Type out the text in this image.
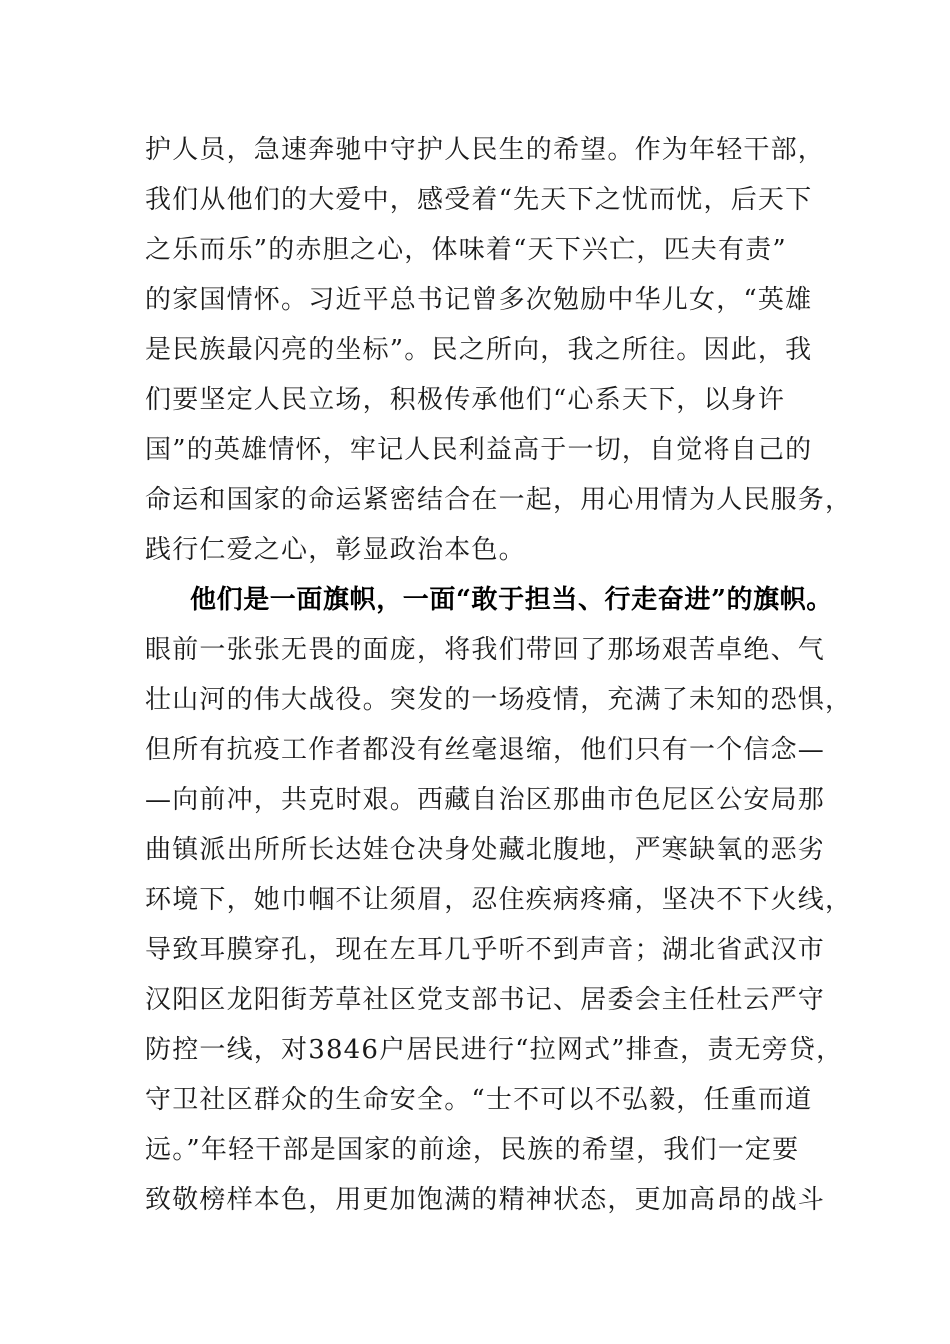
护人员，急速奔驰中守护人民生的希望。作为年轻干部，
我们从他们的大爱中，感受着“先天下之忧而忧，后天下
之乐而乐”的赤胆之心，体味着“天下兴亡，匹夫有责”
的家国情怀。习近平总书记曾多次勉励中华儿女，“英雄
是民族最闪亮的坐标”。民之所向，我之所往。因此，我
们要坚定人民立场，积极传承他们“心系天下，以身许
国”的英雄情怀，牢记人民利益高于一切，自觉将自己的
命运和国家的命运紧密结合在一起，用心用情为人民服务，
践行仁爱之心，彰显政治本色。
他们是一面旗帜，一面“敢于担当、行走奋进”的旗帜。
眼前一张张无畏的面庞，将我们带回了那场艰苦卓绝、气
壮山河的伟大战役。突发的一场疫情，充满了未知的恐惧，
但所有抗疫工作者都没有丝毫退缩，他们只有一个信念—
—向前冲，共克时艰。西藏自治区那曲市色尼区公安局那
曲镇派出所所长达娃仓决身处藏北腹地，严寒缺氧的恶劣
环境下，她巾帼不让须眉，忍住疾病疼痛，坚决不下火线，
导致耳膜穿孔，现在左耳几乎听不到声音；湖北省武汉市
汉阳区龙阳街芳草社区党支部书记、居委会主任杜云严守
防控一线，对3846户居民进行“拉网式”排查，责无旁贷，
守卫社区群众的生命安全。“士不可以不弘毅，任重而道
远。”年轻干部是国家的前途，民族的希望，我们一定要
致敬榜样本色，用更加饱满的精神状态，更加高昂的战斗
